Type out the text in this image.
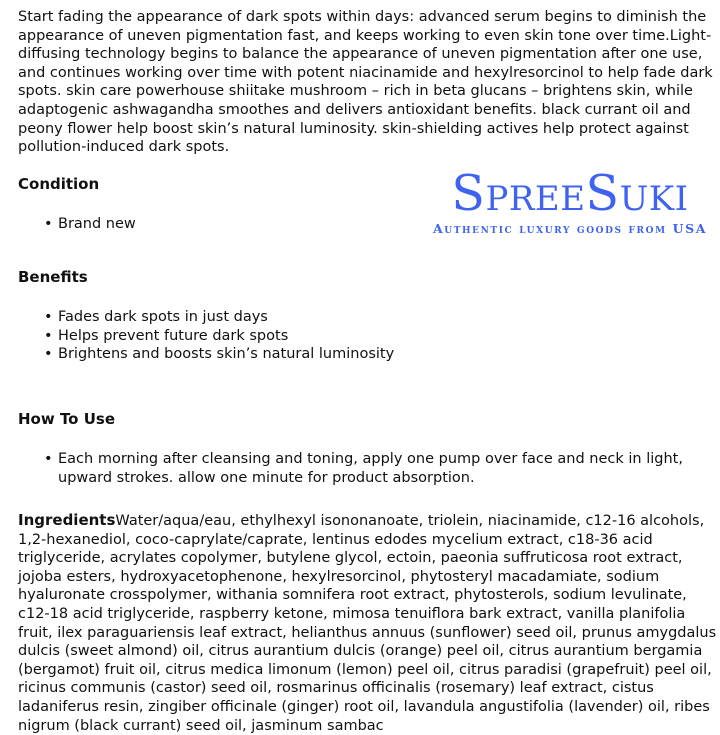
Start fading the appearance of dark spots within days: advanced serum begins to diminish the appearance of uneven pigmentation fast, and keeps working to even skin tone over time.Light-diffusing technology begins to balance the appearance of uneven pigmentation after one use, and continues working over time with potent niacinamide and hexylresorcinol to help fade dark spots. skin care powerhouse shiitake mushroom – rich in beta glucans – brightens skin, while adaptogenic ashwagandha smoothes and delivers antioxidant benefits. black currant oil and peony flower help boost skin’s natural luminosity. skin-shielding actives help protect against pollution-induced dark spots.

Condition
• Brand new
Benefits
• Fades dark spots in just days
• Helps prevent future dark spots
• Brightens and boosts skin’s natural luminosity
How To Use
• Each morning after cleansing and toning, apply one pump over face and neck in light, upward strokes. allow one minute for product absorption.

IngredientsWater/aqua/eau, ethylhexyl isononanoate, triolein, niacinamide, c12-16 alcohols, 1,2-hexanediol, coco-caprylate/caprate, lentinus edodes mycelium extract, c18-36 acid triglyceride, acrylates copolymer, butylene glycol, ectoin, paeonia suffruticosa root extract, jojoba esters, hydroxyacetophenone, hexylresorcinol, phytosteryl macadamiate, sodium hyaluronate crosspolymer, withania somnifera root extract, phytosterols, sodium levulinate, c12-18 acid triglyceride, raspberry ketone, mimosa tenuiflora bark extract, vanilla planifolia fruit, ilex paraguariensis leaf extract, helianthus annuus (sunflower) seed oil, prunus amygdalus dulcis (sweet almond) oil, citrus aurantium dulcis (orange) peel oil, citrus aurantium bergamia (bergamot) fruit oil, citrus medica limonum (lemon) peel oil, citrus paradisi (grapefruit) peel oil, ricinus communis (castor) seed oil, rosmarinus officinalis (rosemary) leaf extract, cistus ladaniferus resin, zingiber officinale (ginger) root oil, lavandula angustifolia (lavender) oil, ribes nigrum (black currant) seed oil, jasminum sambac

SpreeSuki
Authentic luxury goods from USA
